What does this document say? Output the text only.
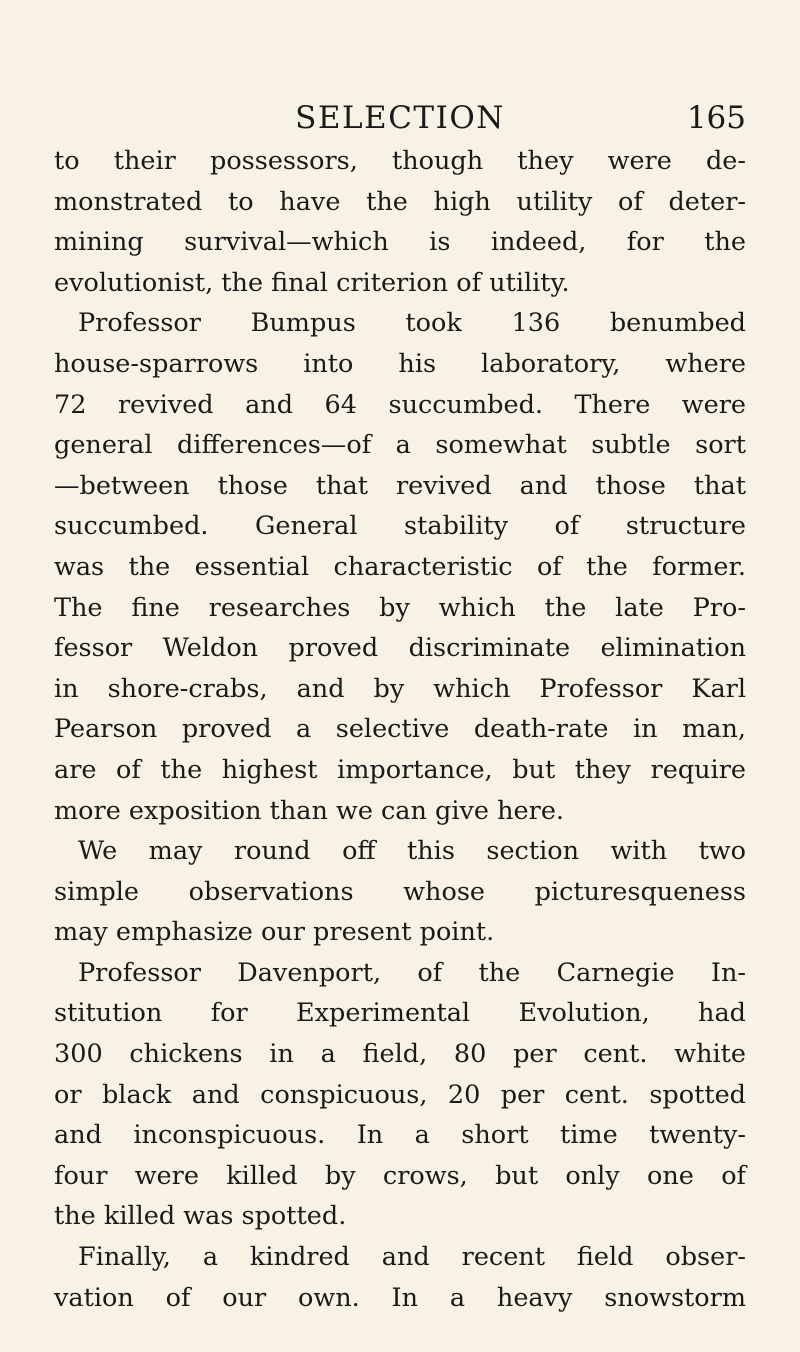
SELECTION	165
to their possessors, though they were de-
monstrated to have the high utility of deter-
mining survival—which is indeed, for the
evolutionist, the final criterion of utility.
Professor Bumpus took 136 benumbed
house-sparrows into his laboratory, where
72 revived and 64 succumbed. There were
general differences—of a somewhat subtle sort
—between those that revived and those that
succumbed. General stability of structure
was the essential characteristic of the former.
The fine researches by which the late Pro-
fessor Weldon proved discriminate elimination
in shore-crabs, and by which Professor Karl
Pearson proved a selective death-rate in man,
are of the highest importance, but they require
more exposition than we can give here.
We may round off this section with two
simple observations whose picturesqueness
may emphasize our present point.
Professor Davenport, of the Carnegie In-
stitution for Experimental Evolution, had
300 chickens in a field, 80 per cent. white
or black and conspicuous, 20 per cent. spotted
and inconspicuous. In a short time twenty-
four were killed by crows, but only one of
the killed was spotted.
Finally, a kindred and recent field obser-
vation of our own. In a heavy snowstorm
